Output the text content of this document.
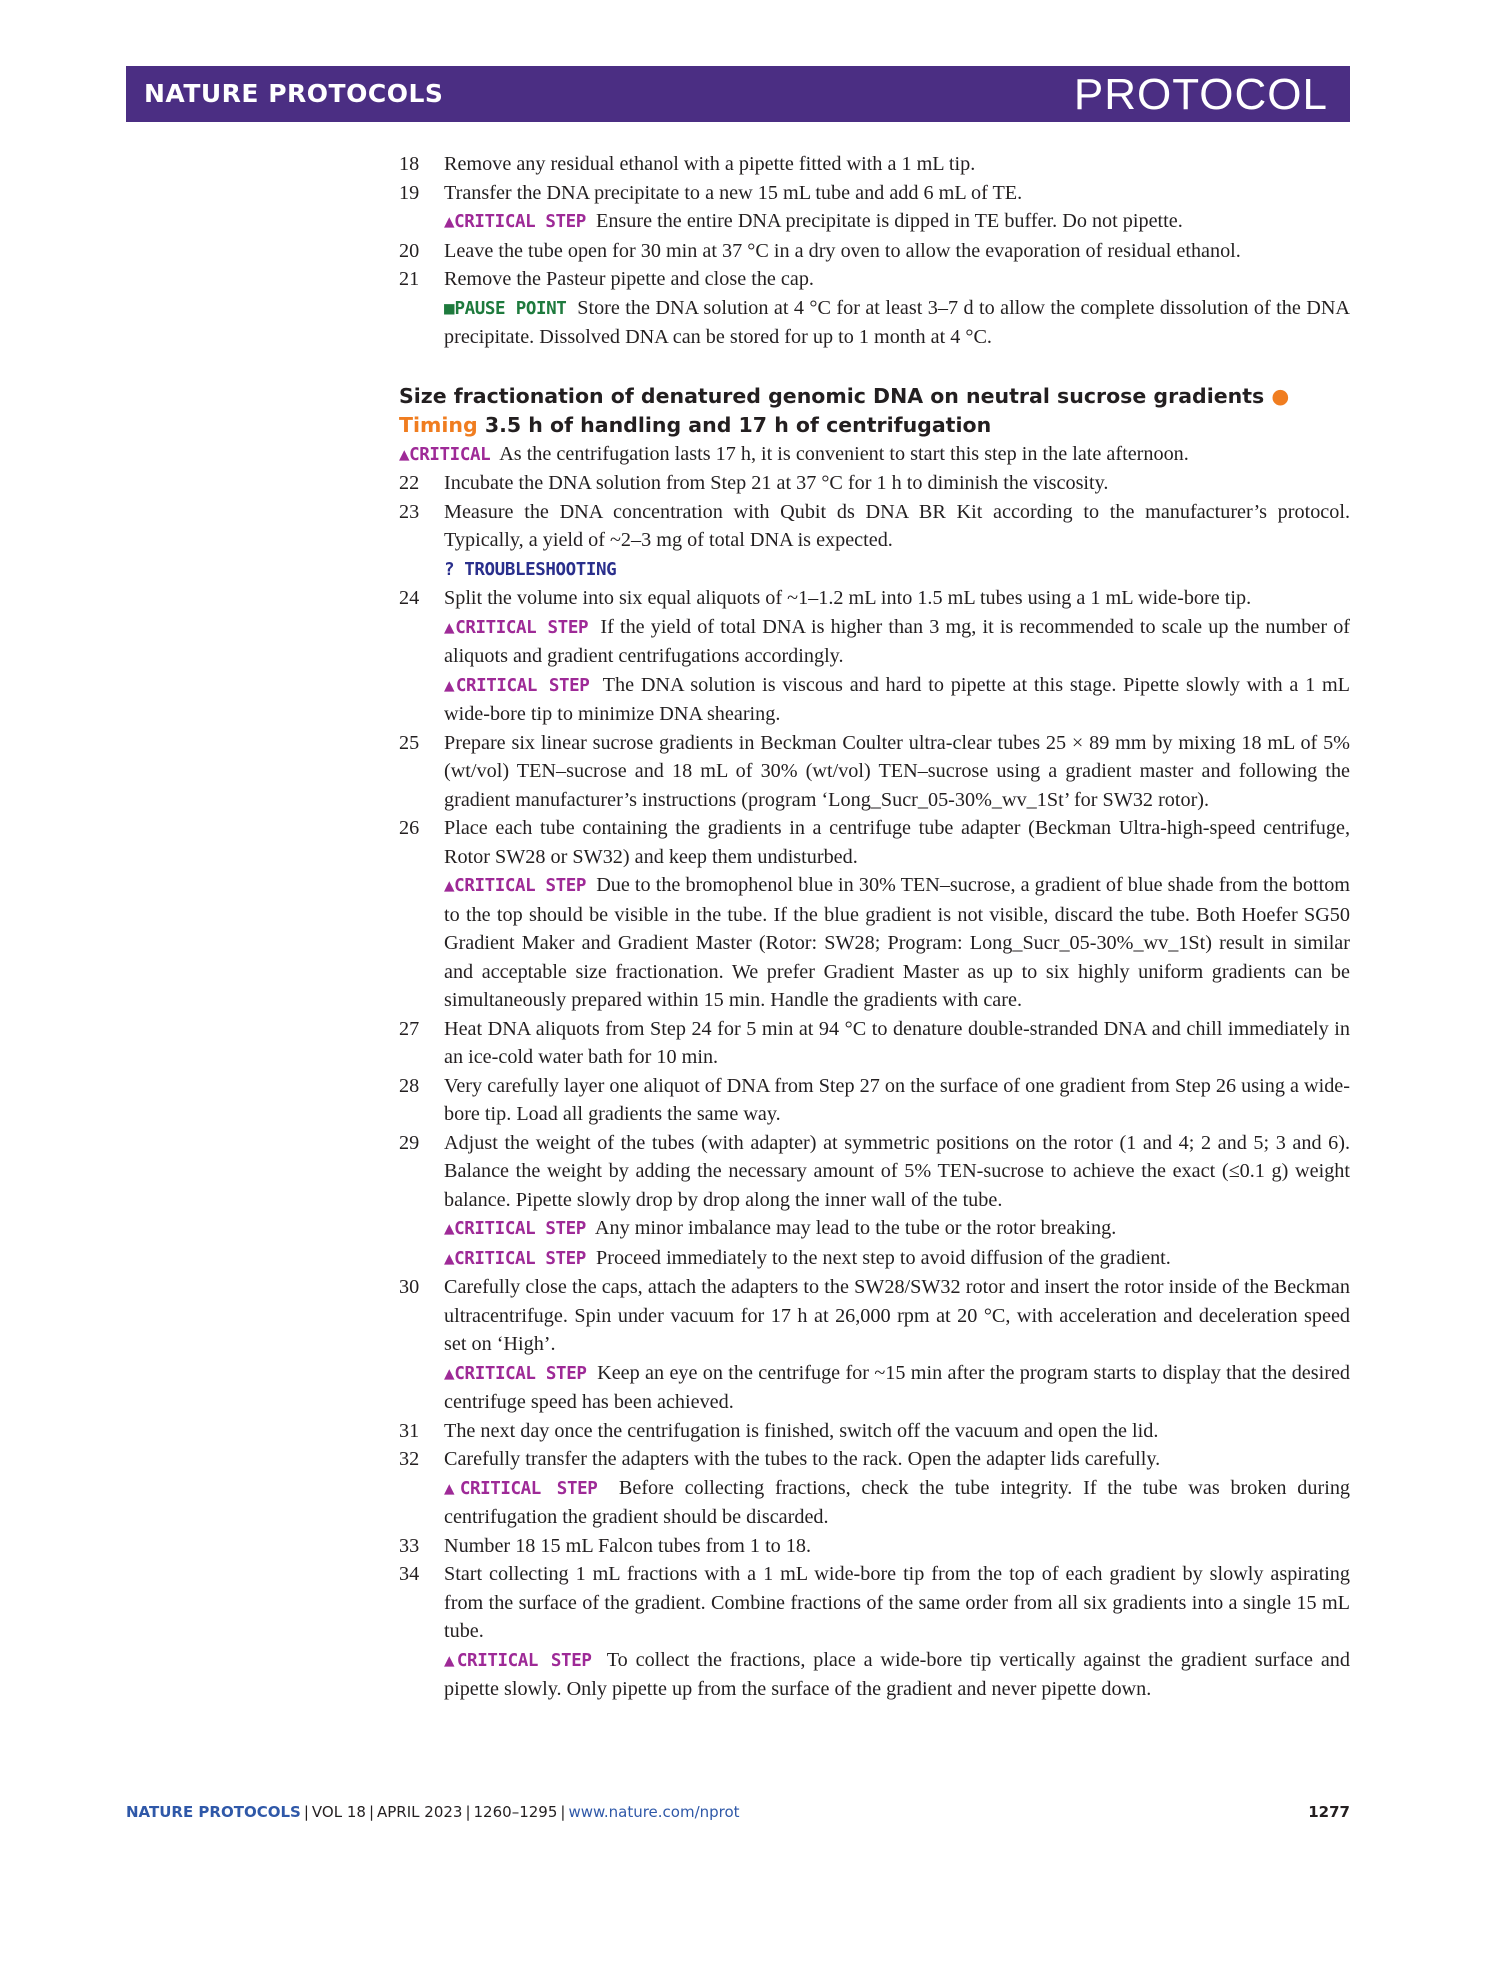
NATURE PROTOCOLS	PROTOCOL
18 Remove any residual ethanol with a pipette fitted with a 1 mL tip.
19 Transfer the DNA precipitate to a new 15 mL tube and add 6 mL of TE.
▲CRITICAL STEP Ensure the entire DNA precipitate is dipped in TE buffer. Do not pipette.
20 Leave the tube open for 30 min at 37 °C in a dry oven to allow the evaporation of residual ethanol.
21 Remove the Pasteur pipette and close the cap.
■PAUSE POINT Store the DNA solution at 4 °C for at least 3–7 d to allow the complete dissolution of the DNA precipitate. Dissolved DNA can be stored for up to 1 month at 4 °C.
Size fractionation of denatured genomic DNA on neutral sucrose gradients ● Timing 3.5 h of handling and 17 h of centrifugation
▲CRITICAL As the centrifugation lasts 17 h, it is convenient to start this step in the late afternoon.
22 Incubate the DNA solution from Step 21 at 37 °C for 1 h to diminish the viscosity.
23 Measure the DNA concentration with Qubit ds DNA BR Kit according to the manufacturer’s protocol. Typically, a yield of ~2–3 mg of total DNA is expected.
? TROUBLESHOOTING
24 Split the volume into six equal aliquots of ~1–1.2 mL into 1.5 mL tubes using a 1 mL wide-bore tip.
▲CRITICAL STEP If the yield of total DNA is higher than 3 mg, it is recommended to scale up the number of aliquots and gradient centrifugations accordingly.
▲CRITICAL STEP The DNA solution is viscous and hard to pipette at this stage. Pipette slowly with a 1 mL wide-bore tip to minimize DNA shearing.
25 Prepare six linear sucrose gradients in Beckman Coulter ultra-clear tubes 25 × 89 mm by mixing 18 mL of 5% (wt/vol) TEN–sucrose and 18 mL of 30% (wt/vol) TEN–sucrose using a gradient master and following the gradient manufacturer’s instructions (program ‘Long_Sucr_05-30%_wv_1St’ for SW32 rotor).
26 Place each tube containing the gradients in a centrifuge tube adapter (Beckman Ultra-high-speed centrifuge, Rotor SW28 or SW32) and keep them undisturbed.
▲CRITICAL STEP Due to the bromophenol blue in 30% TEN–sucrose, a gradient of blue shade from the bottom to the top should be visible in the tube. If the blue gradient is not visible, discard the tube. Both Hoefer SG50 Gradient Maker and Gradient Master (Rotor: SW28; Program: Long_Sucr_05-30%_wv_1St) result in similar and acceptable size fractionation. We prefer Gradient Master as up to six highly uniform gradients can be simultaneously prepared within 15 min. Handle the gradients with care.
27 Heat DNA aliquots from Step 24 for 5 min at 94 °C to denature double-stranded DNA and chill immediately in an ice-cold water bath for 10 min.
28 Very carefully layer one aliquot of DNA from Step 27 on the surface of one gradient from Step 26 using a wide-bore tip. Load all gradients the same way.
29 Adjust the weight of the tubes (with adapter) at symmetric positions on the rotor (1 and 4; 2 and 5; 3 and 6). Balance the weight by adding the necessary amount of 5% TEN-sucrose to achieve the exact (≤0.1 g) weight balance. Pipette slowly drop by drop along the inner wall of the tube.
▲CRITICAL STEP Any minor imbalance may lead to the tube or the rotor breaking.
▲CRITICAL STEP Proceed immediately to the next step to avoid diffusion of the gradient.
30 Carefully close the caps, attach the adapters to the SW28/SW32 rotor and insert the rotor inside of the Beckman ultracentrifuge. Spin under vacuum for 17 h at 26,000 rpm at 20 °C, with acceleration and deceleration speed set on ‘High’.
▲CRITICAL STEP Keep an eye on the centrifuge for ~15 min after the program starts to display that the desired centrifuge speed has been achieved.
31 The next day once the centrifugation is finished, switch off the vacuum and open the lid.
32 Carefully transfer the adapters with the tubes to the rack. Open the adapter lids carefully.
▲CRITICAL STEP Before collecting fractions, check the tube integrity. If the tube was broken during centrifugation the gradient should be discarded.
33 Number 18 15 mL Falcon tubes from 1 to 18.
34 Start collecting 1 mL fractions with a 1 mL wide-bore tip from the top of each gradient by slowly aspirating from the surface of the gradient. Combine fractions of the same order from all six gradients into a single 15 mL tube.
▲CRITICAL STEP To collect the fractions, place a wide-bore tip vertically against the gradient surface and pipette slowly. Only pipette up from the surface of the gradient and never pipette down.
NATURE PROTOCOLS | VOL 18 | APRIL 2023 | 1260–1295 | www.nature.com/nprot	1277
